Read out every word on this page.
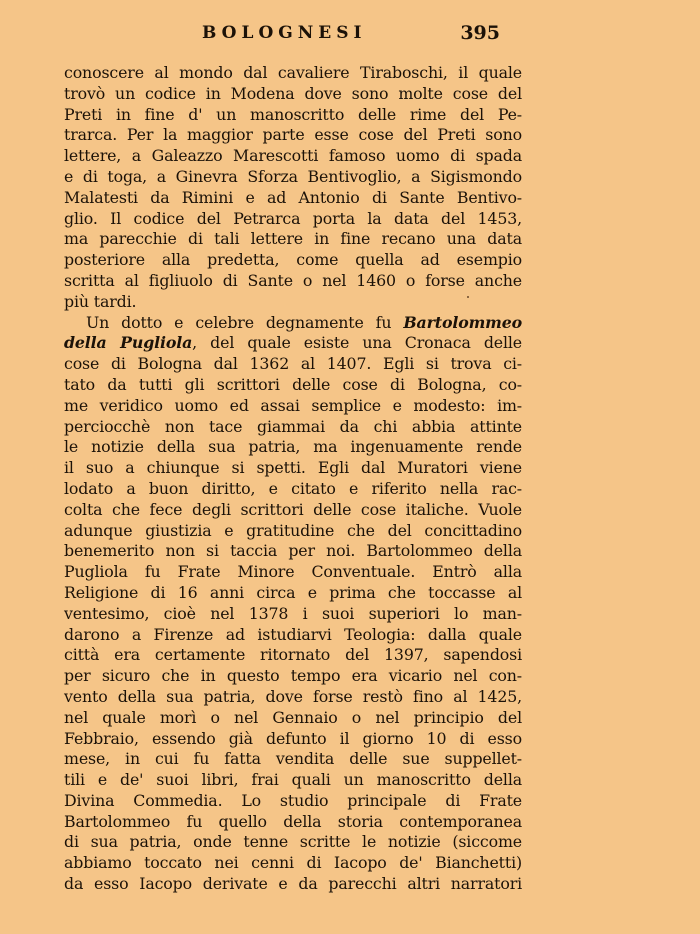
BOLOGNESI	395
conoscere al mondo dal cavaliere Tiraboschi, il quale
trovò un codice in Modena dove sono molte cose del
Preti in fine d' un manoscritto delle rime del Pe-
trarca. Per la maggior parte esse cose del Preti sono
lettere, a Galeazzo Marescotti famoso uomo di spada
e di toga, a Ginevra Sforza Bentivoglio, a Sigismondo
Malatesti da Rimini e ad Antonio di Sante Bentivo-
glio. Il codice del Petrarca porta la data del 1453,
ma parecchie di tali lettere in fine recano una data
posteriore alla predetta, come quella ad esempio
scritta al figliuolo di Sante o nel 1460 o forse anche
più tardi.
Un dotto e celebre degnamente fu Bartolommeo
della Pugliola, del quale esiste una Cronaca delle
cose di Bologna dal 1362 al 1407. Egli si trova ci-
tato da tutti gli scrittori delle cose di Bologna, co-
me veridico uomo ed assai semplice e modesto: im-
perciocchè non tace giammai da chi abbia attinte
le notizie della sua patria, ma ingenuamente rende
il suo a chiunque si spetti. Egli dal Muratori viene
lodato a buon diritto, e citato e riferito nella rac-
colta che fece degli scrittori delle cose italiche. Vuole
adunque giustizia e gratitudine che del concittadino
benemerito non si taccia per noi. Bartolommeo della
Pugliola fu Frate Minore Conventuale. Entrò alla
Religione di 16 anni circa e prima che toccasse al
ventesimo, cioè nel 1378 i suoi superiori lo man-
darono a Firenze ad istudiarvi Teologia: dalla quale
città era certamente ritornato del 1397, sapendosi
per sicuro che in questo tempo era vicario nel con-
vento della sua patria, dove forse restò fino al 1425,
nel quale morì o nel Gennaio o nel principio del
Febbraio, essendo già defunto il giorno 10 di esso
mese, in cui fu fatta vendita delle sue suppellet-
tili e de' suoi libri, frai quali un manoscritto della
Divina Commedia. Lo studio principale di Frate
Bartolommeo fu quello della storia contemporanea
di sua patria, onde tenne scritte le notizie (siccome
abbiamo toccato nei cenni di Iacopo de' Bianchetti)
da esso Iacopo derivate e da parecchi altri narratori
